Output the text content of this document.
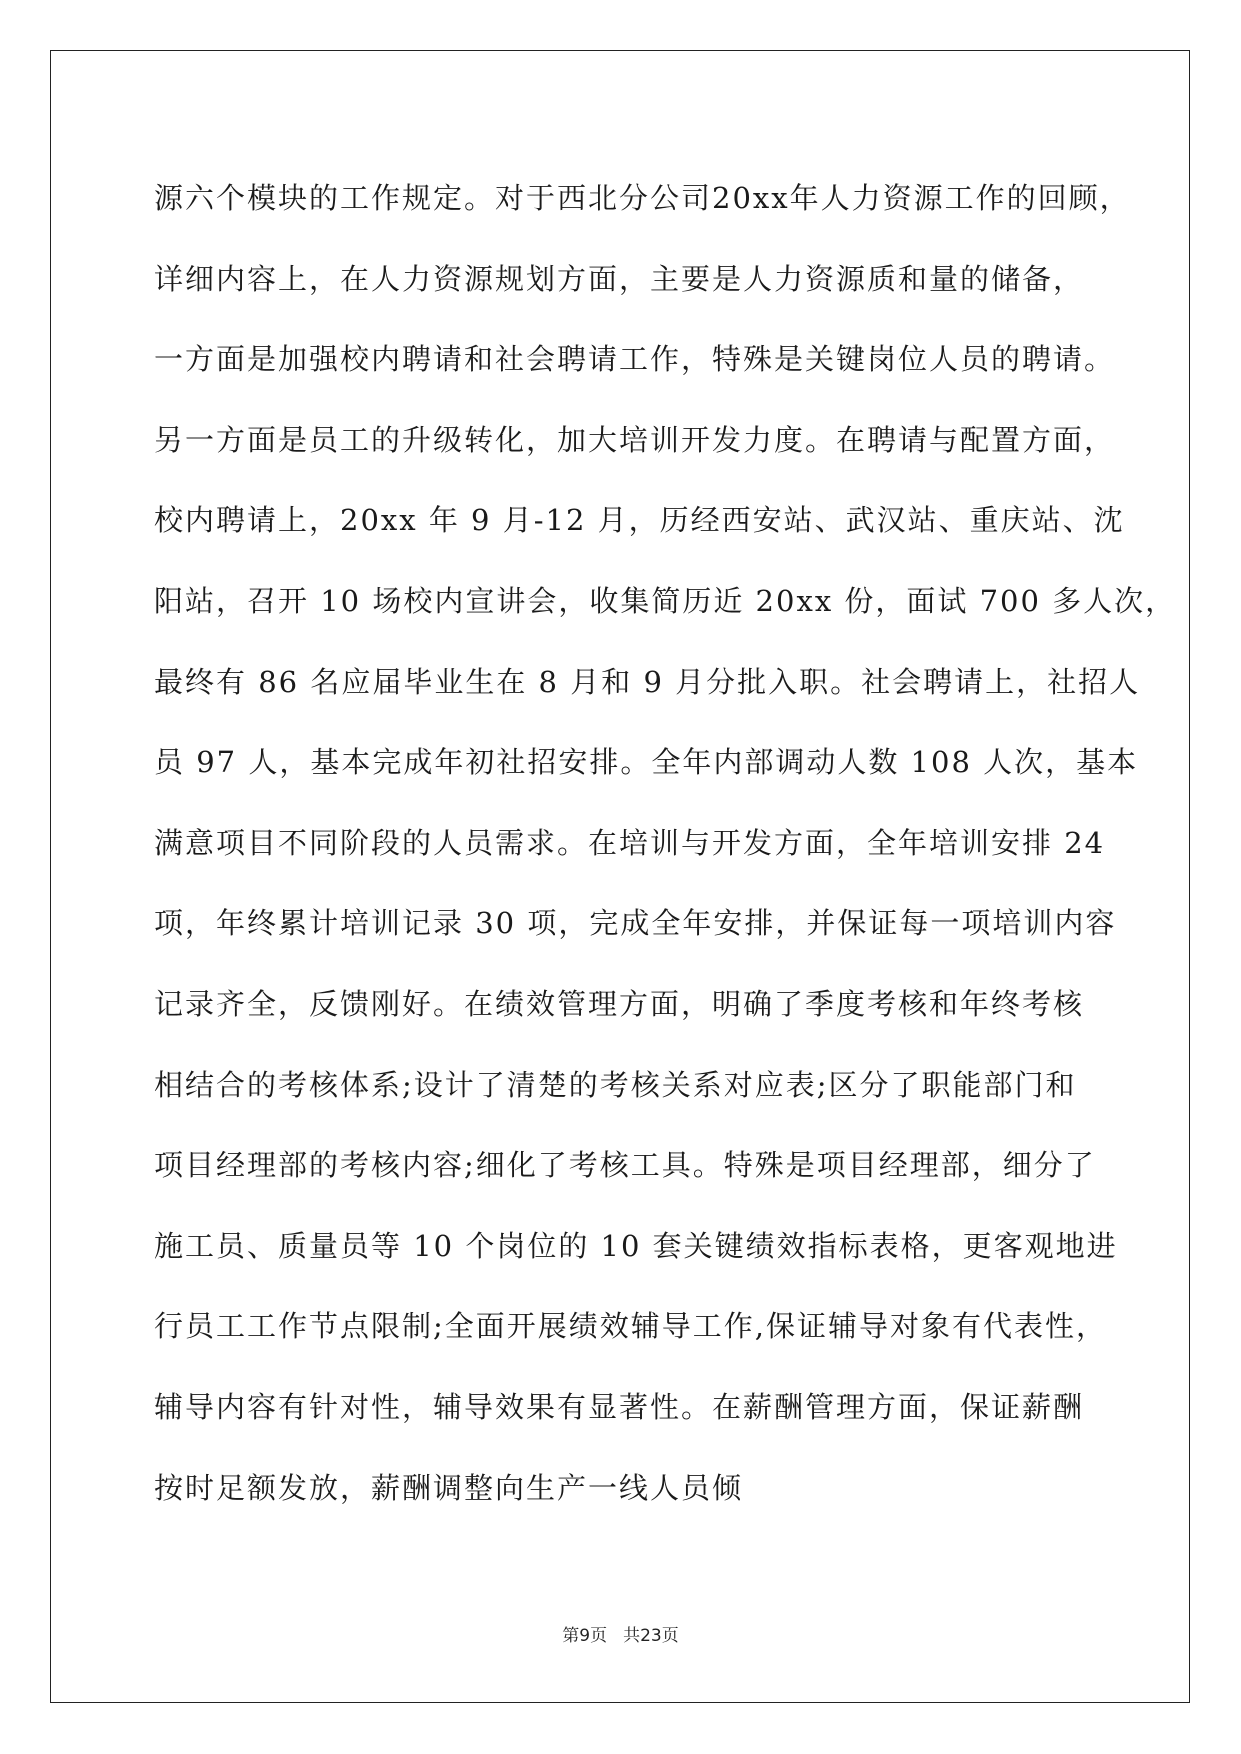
源六个模块的工作规定。对于西北分公司20xx年人力资源工作的回顾，

详细内容上，在人力资源规划方面，主要是人力资源质和量的储备，

一方面是加强校内聘请和社会聘请工作，特殊是关键岗位人员的聘请。

另一方面是员工的升级转化，加大培训开发力度。在聘请与配置方面，

校内聘请上，20xx 年 9 月-12 月，历经西安站、武汉站、重庆站、沈

阳站，召开 10 场校内宣讲会，收集简历近 20xx 份，面试 700 多人次，

最终有 86 名应届毕业生在 8 月和 9 月分批入职。社会聘请上，社招人

员 97 人，基本完成年初社招安排。全年内部调动人数 108 人次，基本

满意项目不同阶段的人员需求。在培训与开发方面，全年培训安排 24

项，年终累计培训记录 30 项，完成全年安排，并保证每一项培训内容

记录齐全，反馈刚好。在绩效管理方面，明确了季度考核和年终考核

相结合的考核体系;设计了清楚的考核关系对应表;区分了职能部门和

项目经理部的考核内容;细化了考核工具。特殊是项目经理部，细分了

施工员、质量员等 10 个岗位的 10 套关键绩效指标表格，更客观地进

行员工工作节点限制;全面开展绩效辅导工作,保证辅导对象有代表性，

辅导内容有针对性，辅导效果有显著性。在薪酬管理方面，保证薪酬

按时足额发放，薪酬调整向生产一线人员倾

第9页 共23页
